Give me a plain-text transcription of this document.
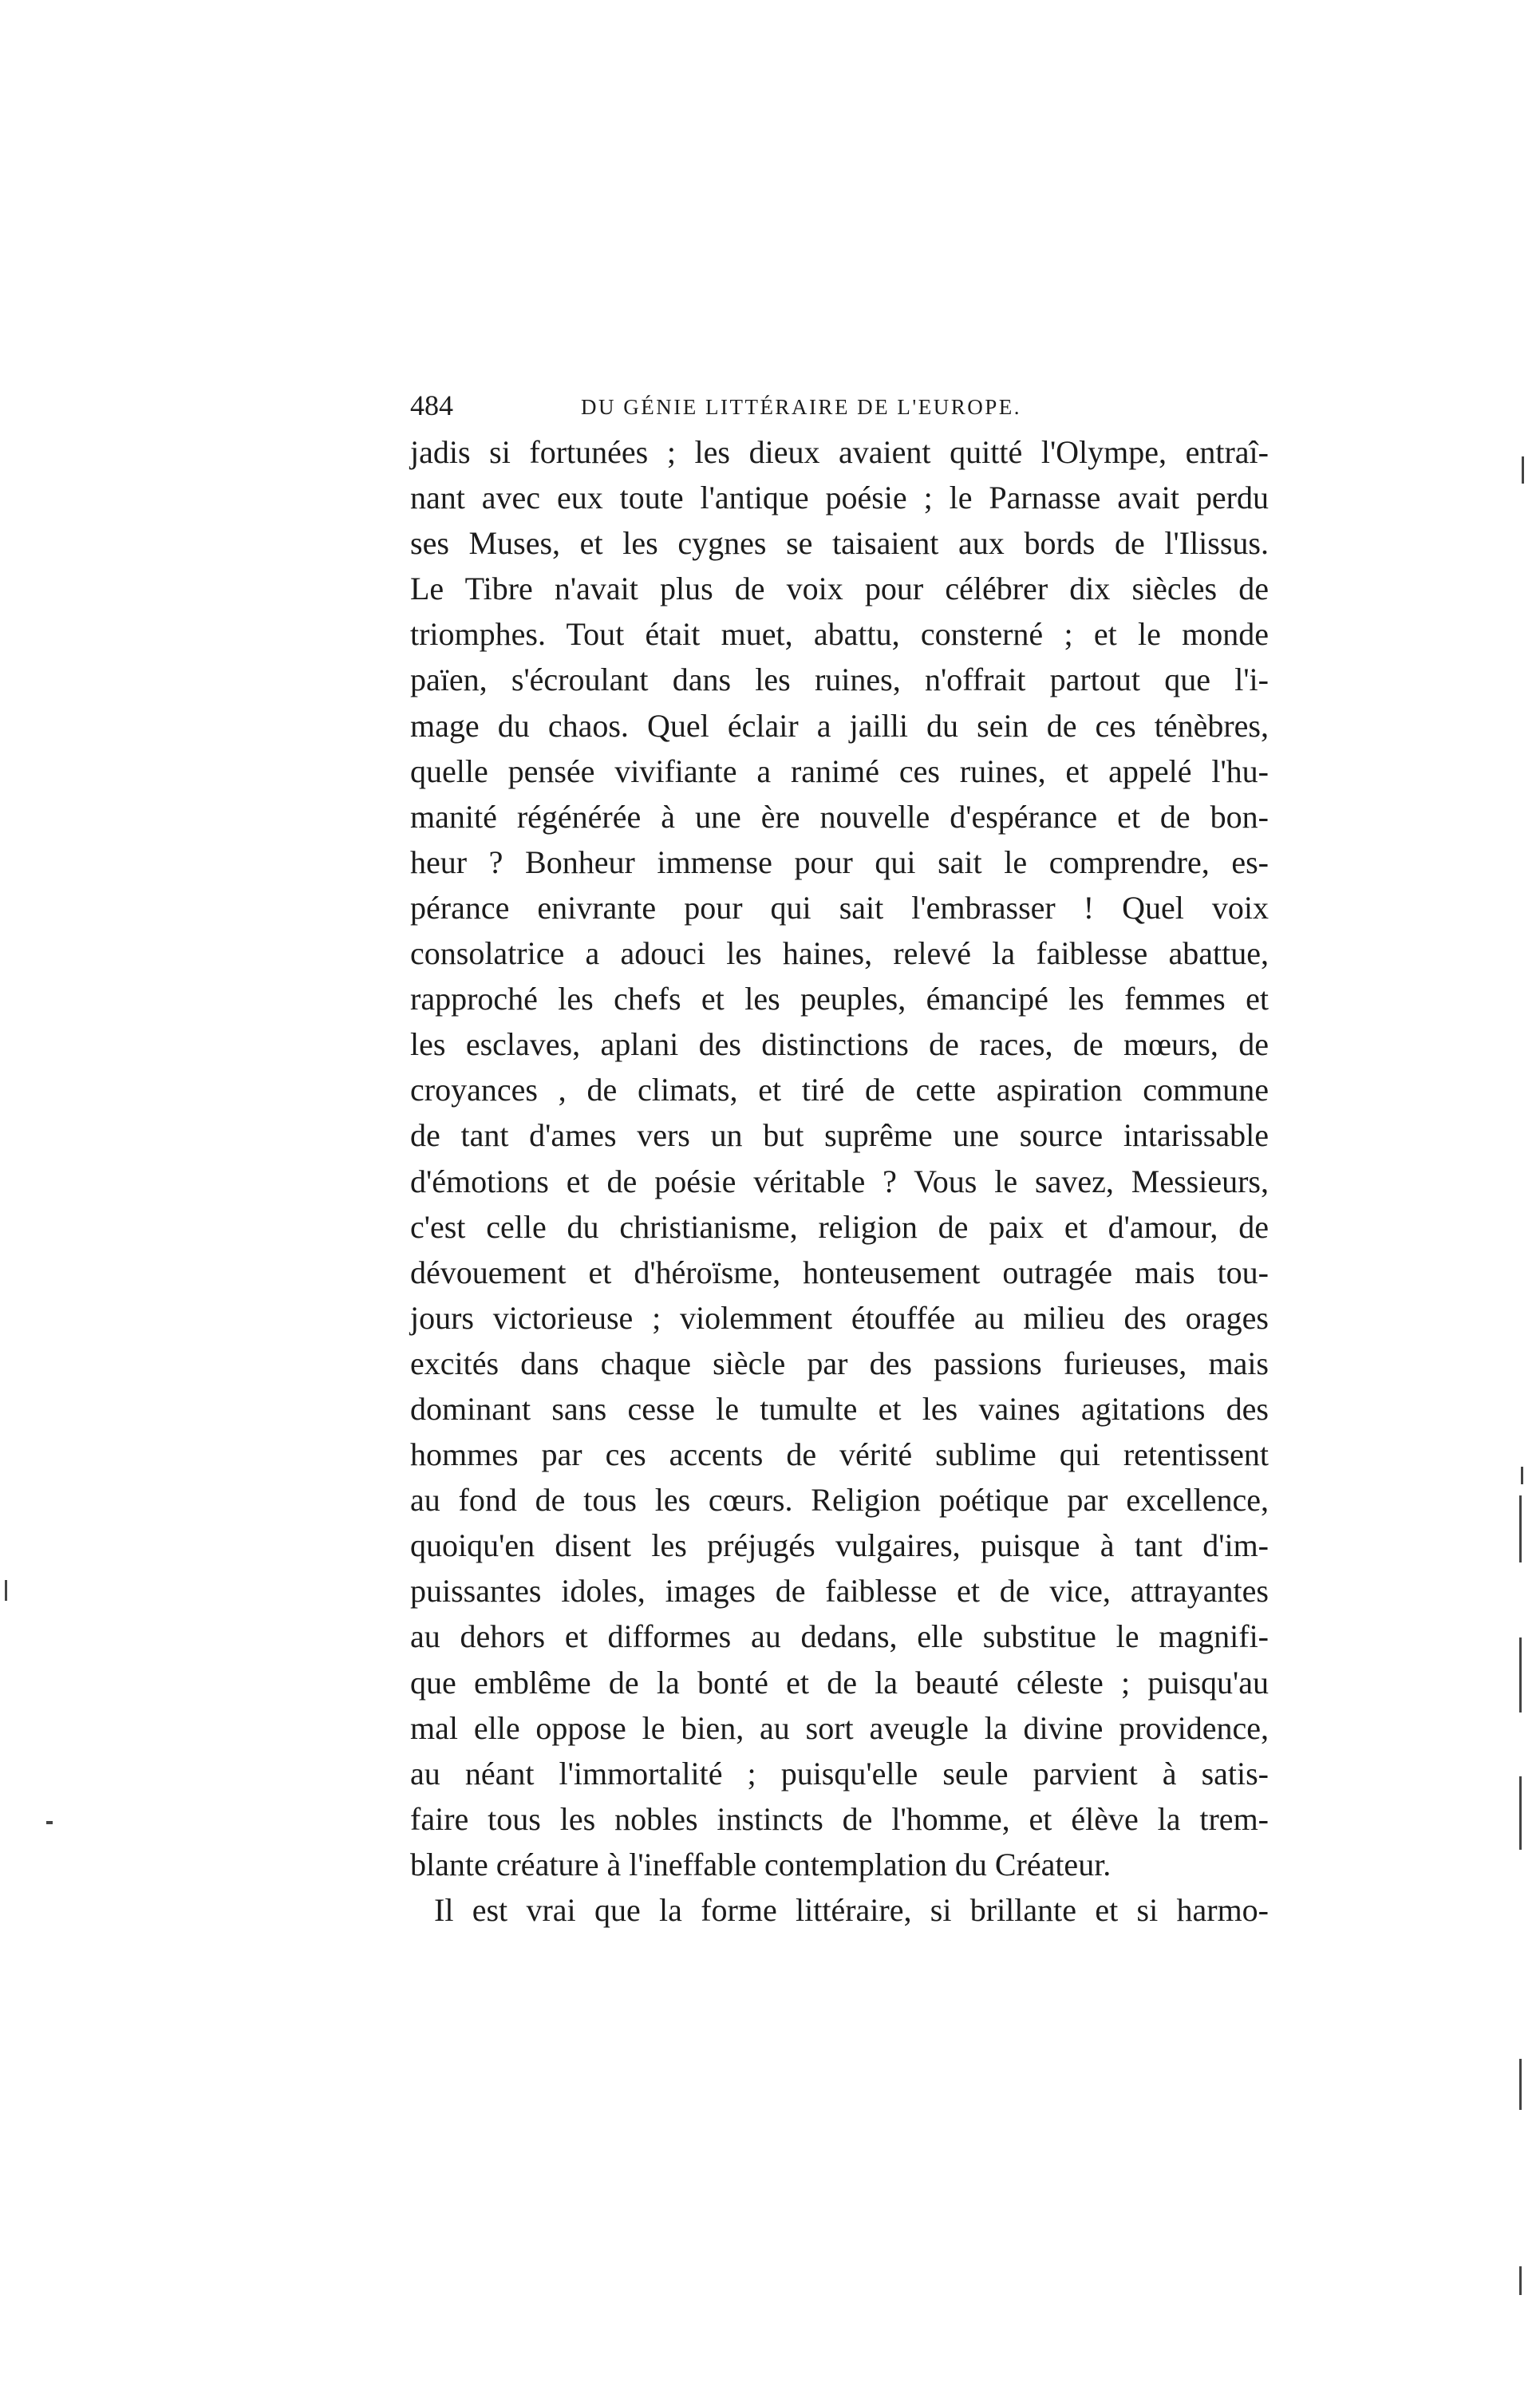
484	DU GÉNIE LITTÉRAIRE DE L'EUROPE.
jadis si fortunées ; les dieux avaient quitté l'Olympe, entraî-
nant avec eux toute l'antique poésie ; le Parnasse avait perdu
ses Muses, et les cygnes se taisaient aux bords de l'Ilissus.
Le Tibre n'avait plus de voix pour célébrer dix siècles de
triomphes. Tout était muet, abattu, consterné ; et le monde
païen, s'écroulant dans les ruines, n'offrait partout que l'i-
mage du chaos. Quel éclair a jailli du sein de ces ténèbres,
quelle pensée vivifiante a ranimé ces ruines, et appelé l'hu-
manité régénérée à une ère nouvelle d'espérance et de bon-
heur ? Bonheur immense pour qui sait le comprendre, es-
pérance enivrante pour qui sait l'embrasser ! Quel voix
consolatrice a adouci les haines, relevé la faiblesse abattue,
rapproché les chefs et les peuples, émancipé les femmes et
les esclaves, aplani des distinctions de races, de mœurs, de
croyances , de climats, et tiré de cette aspiration commune
de tant d'ames vers un but suprême une source intarissable
d'émotions et de poésie véritable ? Vous le savez, Messieurs,
c'est celle du christianisme, religion de paix et d'amour, de
dévouement et d'héroïsme, honteusement outragée mais tou-
jours victorieuse ; violemment étouffée au milieu des orages
excités dans chaque siècle par des passions furieuses, mais
dominant sans cesse le tumulte et les vaines agitations des
hommes par ces accents de vérité sublime qui retentissent
au fond de tous les cœurs. Religion poétique par excellence,
quoiqu'en disent les préjugés vulgaires, puisque à tant d'im-
puissantes idoles, images de faiblesse et de vice, attrayantes
au dehors et difformes au dedans, elle substitue le magnifi-
que emblême de la bonté et de la beauté céleste ; puisqu'au
mal elle oppose le bien, au sort aveugle la divine providence,
au néant l'immortalité ; puisqu'elle seule parvient à satis-
faire tous les nobles instincts de l'homme, et élève la trem-
blante créature à l'ineffable contemplation du Créateur.
Il est vrai que la forme littéraire, si brillante et si harmo-
